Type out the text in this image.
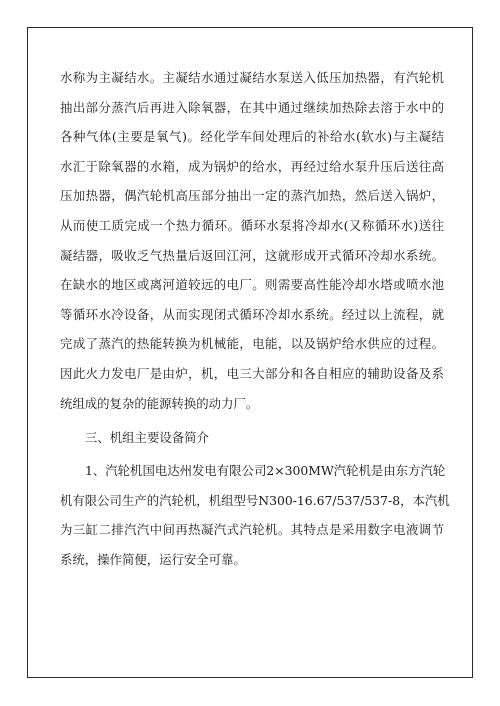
水称为主凝结水。主凝结水通过凝结水泵送入低压加热器，有汽轮机
抽出部分蒸汽后再进入除氧器，在其中通过继续加热除去溶于水中的
各种气体(主要是氧气)。经化学车间处理后的补给水(软水)与主凝结
水汇于除氧器的水箱，成为锅炉的给水，再经过给水泵升压后送往高
压加热器，偶汽轮机高压部分抽出一定的蒸汽加热，然后送入锅炉，
从而使工质完成一个热力循环。循环水泵将冷却水(又称循环水)送往
凝结器，吸收乏气热量后返回江河，这就形成开式循环冷却水系统。
在缺水的地区或离河道较远的电厂。则需要高性能冷却水塔或喷水池
等循环水冷设备，从而实现闭式循环冷却水系统。经过以上流程，就
完成了蒸汽的热能转换为机械能，电能，以及锅炉给水供应的过程。
因此火力发电厂是由炉，机，电三大部分和各自相应的辅助设备及系
统组成的复杂的能源转换的动力厂。
三、机组主要设备简介
1、汽轮机国电达州发电有限公司2×300MW汽轮机是由东方汽轮
机有限公司生产的汽轮机，机组型号N300-16.67/537/537-8，本汽机
为三缸二排汽汽中间再热凝汽式汽轮机。其特点是采用数字电液调节
系统，操作简便，运行安全可靠。
